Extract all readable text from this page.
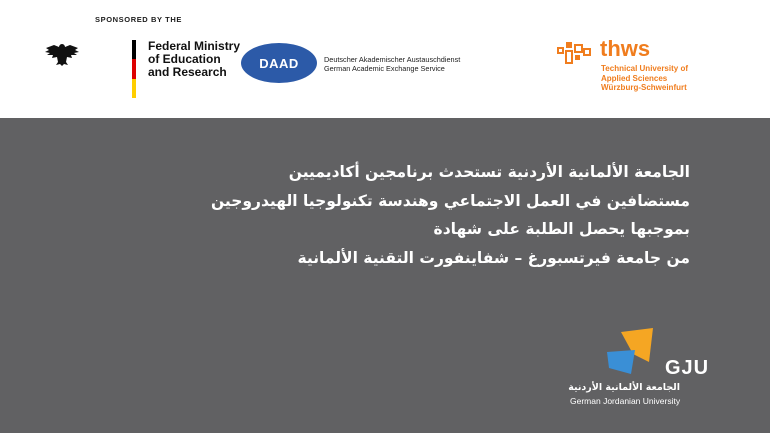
SPONSORED BY THE
Federal Ministry
of Education
and Research
DAAD	Deutscher Akademischer Austauschdienst
German Academic Exchange Service
thws
Technical University of
Applied Sciences
Würzburg-Schweinfurt
الجامعة الألمانية الأردنية تستحدث برنامجين أكاديميين
مستضافين في العمل الاجتماعي وهندسة تكنولوجيا الهيدروجين
بموجبها يحصل الطلبة على شهادة
من جامعة فيرتسبورغ – شفاينفورت التقنية الألمانية
GJU
الجامعة الألمانية الأردنية
German Jordanian University
